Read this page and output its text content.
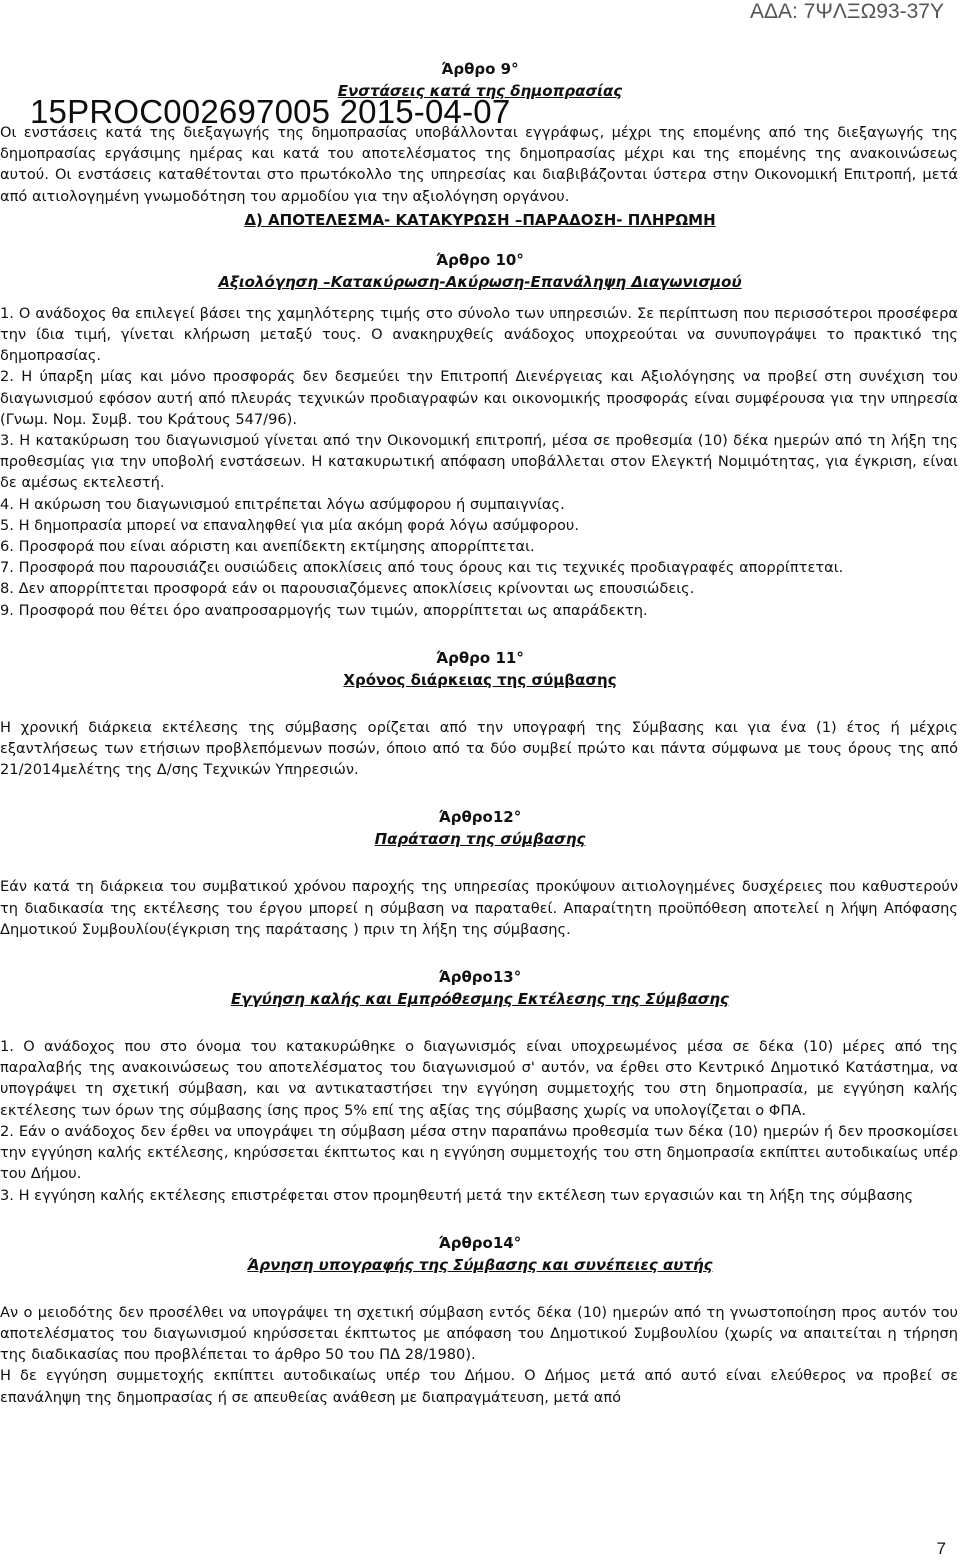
ΑΔΑ: 7ΨΛΞΩ93-37Υ
15PROC002697005 2015-04-07
Άρθρο 9°
Ενστάσεις κατά της δημοπρασίας

Οι ενστάσεις κατά της διεξαγωγής της δημοπρασίας υποβάλλονται εγγράφως, μέχρι της επομένης από της διεξαγωγής της δημοπρασίας εργάσιμης ημέρας και κατά του αποτελέσματος της δημοπρασίας μέχρι και της επομένης της ανακοινώσεως αυτού. Οι ενστάσεις καταθέτονται στο πρωτόκολλο της υπηρεσίας και διαβιβάζονται ύστερα στην Οικονομική Επιτροπή, μετά από αιτιολογημένη γνωμοδότηση του αρμοδίου για την αξιολόγηση οργάνου.

Δ) ΑΠΟΤΕΛΕΣΜΑ- ΚΑΤΑΚΥΡΩΣΗ –ΠΑΡΑΔΟΣΗ- ΠΛΗΡΩΜΗ
Άρθρο 10°
Αξιολόγηση –Κατακύρωση-Ακύρωση-Επανάληψη Διαγωνισμού

1. Ο ανάδοχος θα επιλεγεί βάσει της χαμηλότερης τιμής στο σύνολο των υπηρεσιών. Σε περίπτωση που περισσότεροι προσέφερα την ίδια τιμή, γίνεται κλήρωση μεταξύ τους. Ο ανακηρυχθείς ανάδοχος υποχρεούται να συνυπογράψει το πρακτικό της δημοπρασίας.

2. Η ύπαρξη μίας και μόνο προσφοράς δεν δεσμεύει την Επιτροπή Διενέργειας και Αξιολόγησης να προβεί στη συνέχιση του διαγωνισμού εφόσον αυτή από πλευράς τεχνικών προδιαγραφών και οικονομικής προσφοράς είναι συμφέρουσα για την υπηρεσία (Γνωμ. Νομ. Συμβ. του Κράτους 547/96).

3. Η κατακύρωση του διαγωνισμού γίνεται από την Οικονομική επιτροπή, μέσα σε προθεσμία (10) δέκα ημερών από τη λήξη της προθεσμίας για την υποβολή ενστάσεων. Η κατακυρωτική απόφαση υποβάλλεται στον Ελεγκτή Νομιμότητας, για έγκριση, είναι δε αμέσως εκτελεστή.

4. Η ακύρωση του διαγωνισμού επιτρέπεται λόγω ασύμφορου ή συμπαιγνίας.

5. Η δημοπρασία μπορεί να επαναληφθεί για μία ακόμη φορά λόγω ασύμφορου.

6. Προσφορά που είναι αόριστη και ανεπίδεκτη εκτίμησης απορρίπτεται.

7. Προσφορά που παρουσιάζει ουσιώδεις αποκλίσεις από τους όρους και τις τεχνικές προδιαγραφές απορρίπτεται.

8. Δεν απορρίπτεται προσφορά εάν οι παρουσιαζόμενες αποκλίσεις κρίνονται ως επουσιώδεις.

9. Προσφορά που θέτει όρο αναπροσαρμογής των τιμών, απορρίπτεται ως απαράδεκτη.

Άρθρο 11°
Χρόνος διάρκειας της σύμβασης

Η χρονική διάρκεια εκτέλεσης της σύμβασης ορίζεται από την υπογραφή της Σύμβασης και για ένα (1) έτος ή μέχρις εξαντλήσεως των ετήσιων προβλεπόμενων ποσών, όποιο από τα δύο συμβεί πρώτο και πάντα σύμφωνα με τους όρους της από 21/2014μελέτης της Δ/σης Τεχνικών Υπηρεσιών.

Άρθρο12°
Παράταση της σύμβασης

Εάν κατά τη διάρκεια του συμβατικού χρόνου παροχής της υπηρεσίας προκύψουν αιτιολογημένες δυσχέρειες που καθυστερούν τη διαδικασία της εκτέλεσης του έργου μπορεί η σύμβαση να παραταθεί. Απαραίτητη προϋπόθεση αποτελεί η λήψη Απόφασης Δημοτικού Συμβουλίου(έγκριση της παράτασης ) πριν τη λήξη της σύμβασης.

Άρθρο13°
Εγγύηση καλής και Εμπρόθεσμης Εκτέλεσης της Σύμβασης

1. Ο ανάδοχος που στο όνομα του κατακυρώθηκε ο διαγωνισμός είναι υποχρεωμένος μέσα σε δέκα (10) μέρες από της παραλαβής της ανακοινώσεως του αποτελέσματος του διαγωνισμού σ' αυτόν, να έρθει στο Κεντρικό Δημοτικό Κατάστημα, να υπογράψει τη σχετική σύμβαση, και να αντικαταστήσει την εγγύηση συμμετοχής του στη δημοπρασία, με εγγύηση καλής εκτέλεσης των όρων της σύμβασης ίσης προς 5% επί της αξίας της σύμβασης χωρίς να υπολογίζεται ο ΦΠΑ.

2. Εάν ο ανάδοχος δεν έρθει να υπογράψει τη σύμβαση μέσα στην παραπάνω προθεσμία των δέκα (10) ημερών ή δεν προσκομίσει την εγγύηση καλής εκτέλεσης, κηρύσσεται έκπτωτος και η εγγύηση συμμετοχής του στη δημοπρασία εκπίπτει αυτοδικαίως υπέρ του Δήμου.

3. Η εγγύηση καλής εκτέλεσης επιστρέφεται στον προμηθευτή μετά την εκτέλεση των εργασιών και τη λήξη της σύμβασης

Άρθρο14°
Άρνηση υπογραφής της Σύμβασης και συνέπειες αυτής

Αν ο μειοδότης δεν προσέλθει να υπογράψει τη σχετική σύμβαση εντός δέκα (10) ημερών από τη γνωστοποίηση προς αυτόν του αποτελέσματος του διαγωνισμού κηρύσσεται έκπτωτος με απόφαση του Δημοτικού Συμβουλίου (χωρίς να απαιτείται η τήρηση της διαδικασίας που προβλέπεται το άρθρο 50 του ΠΔ 28/1980).

Η δε εγγύηση συμμετοχής εκπίπτει αυτοδικαίως υπέρ του Δήμου. Ο Δήμος μετά από αυτό είναι ελεύθερος να προβεί σε επανάληψη της δημοπρασίας ή σε απευθείας ανάθεση με διαπραγμάτευση, μετά από

7
